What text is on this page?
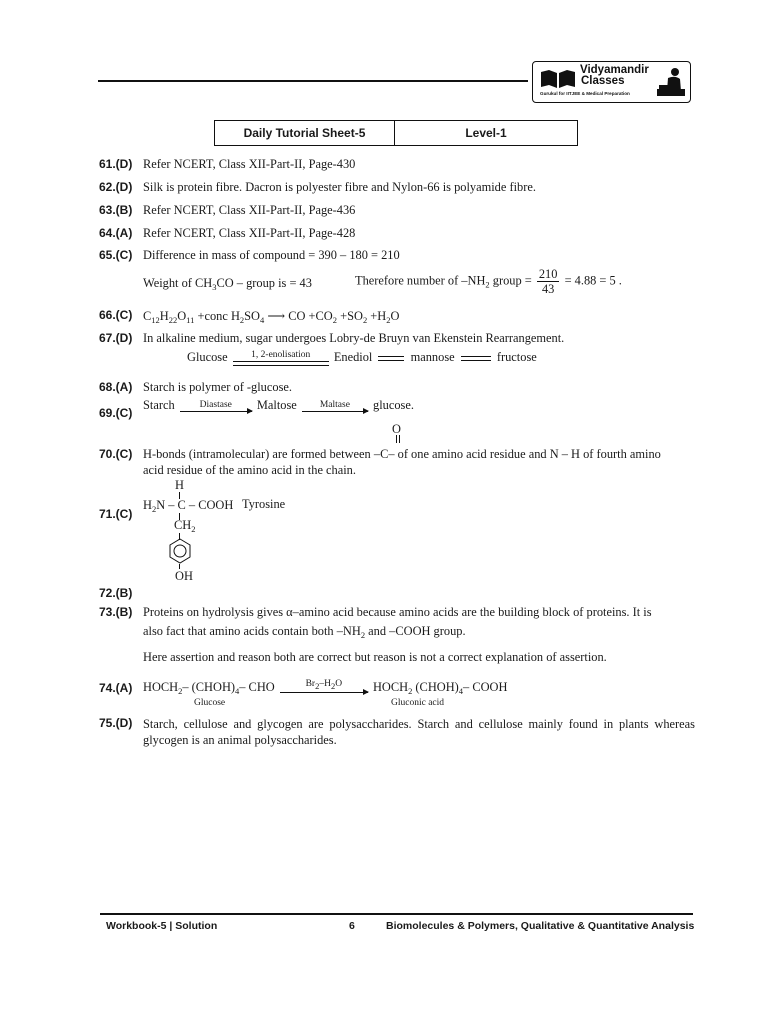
Vidyamandir
Classes
Gurukul for IITJEE & Medical Preparation
Daily Tutorial Sheet-5	Level-1
61.(D) Refer NCERT, Class XII-Part-II, Page-430
62.(D) Silk is protein fibre. Dacron is polyester fibre and Nylon-66 is polyamide fibre.
63.(B) Refer NCERT, Class XII-Part-II, Page-436
64.(A) Refer NCERT, Class XII-Part-II, Page-428
65.(C) Difference in mass of compound = 390 – 180 = 210
Weight of $CH_3CO$ – group is = 43	Therefore number of $-NH_2$ group = $\frac{210}{43} = 4.88 = 5$ .
66.(C) $C_{12}H_{22}O_{11}$ +conc $H_2SO_4$ ⟶ CO $+CO_2 +SO_2 +H_2O$
67.(D) In alkaline medium, sugar undergoes Lobry-de Bruyn van Ekenstein Rearrangement.
Glucose	1, 2-enolisation	Enediol	mannose	fructose
68.(A) Starch is polymer of -glucose.
69.(C)
Starch	Diastase	Maltose	Maltase	glucose.
O
70.(C) H-bonds (intramolecular) are formed between –C– of one amino acid residue and N – H of fourth amino
acid residue of the amino acid in the chain.
71.(C)
H
$H_2N$ – C – COOH
$CH_2$
OH
Tyrosine
72.(B)
73.(B) Proteins on hydrolysis gives α–amino acid because amino acids are the building block of proteins. It is
also fact that amino acids contain both $-NH_2$ and –COOH group.
Here assertion and reason both are correct but reason is not a correct explanation of assertion.
74.(A) $HOCH_2-$ $(CHOH)_4-$ CHO	$Br_2-H_2O$	$HOCH_2$ $(CHOH)_4-$ COOH
Glucose	Gluconic acid
75.(D) Starch, cellulose and glycogen are polysaccharides. Starch and cellulose mainly found in plants whereas glycogen is an animal polysaccharides.
Workbook-5 | Solution	6	Biomolecules & Polymers, Qualitative & Quantitative Analysis
